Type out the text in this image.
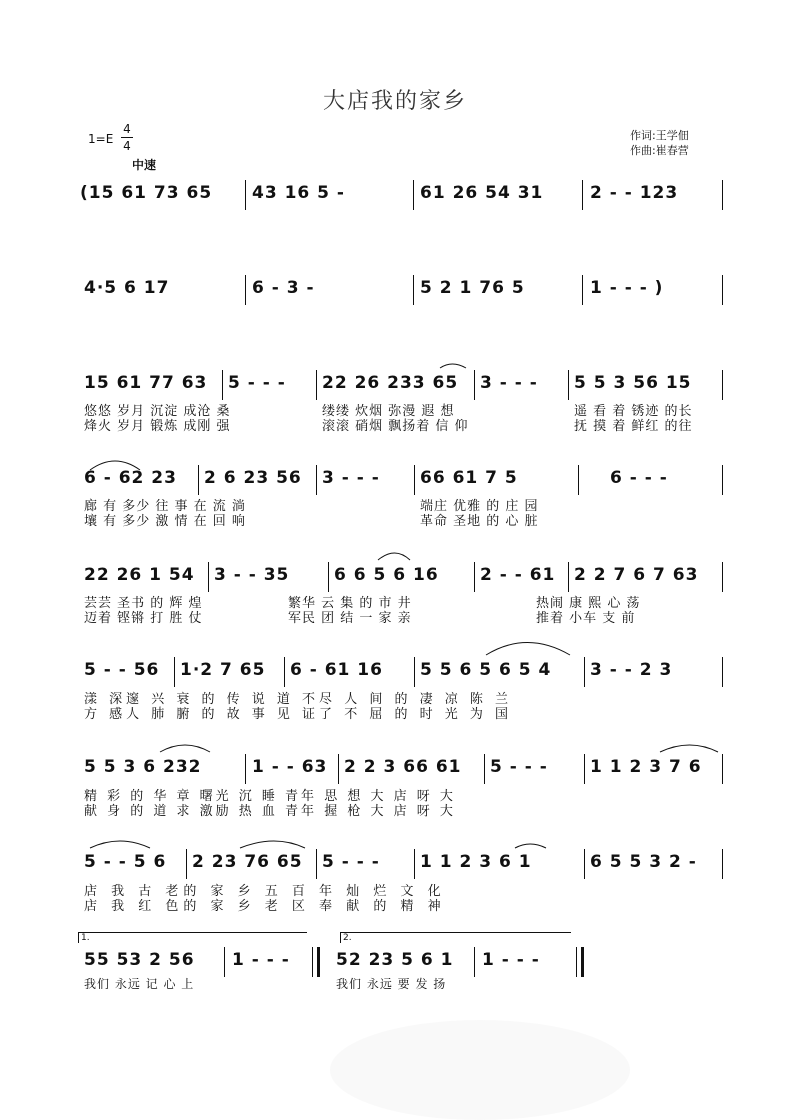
大店我的家乡
1=E
4
4
中速
作词:王学佃
作曲:崔春营
(15 61 73 65 43 16 5 -	61 26 54 31	2 - - 123
4·5 6 17	6 - 3 -	5 2 1 76 5	1 - - - )
15 61 77 63 5 - - - 22 26 233 65 3 - - - 5 5 3 56 15
悠悠 岁月 沉淀 成沧 桑	缕缕 炊烟 弥漫 遐 想	遥 看 着 锈迹 的长
烽火 岁月 锻炼 成刚 强	滚滚 硝烟 飘扬着 信 仰	抚 摸 着 鲜红 的往
6 - 62 23 2 6 23 56 3 - - - 66 61 7 5	6 - - -
廊 有 多少 往 事 在 流 淌	端庄 优雅 的 庄 园
壤 有 多少 激 情 在 回 响	革命 圣地 的 心 脏
22 26 1 54 3 - - 35	6 6 5 6 16 2 - - 61 2 2 7 6 7 63
芸芸 圣书 的 辉 煌	繁华 云 集 的 市 井	热闹 康 熙 心 荡
迈着 铿锵 打 胜 仗	军民 团 结 一 家 亲	推着 小车 支 前
5 - - 56 1·2 7 65 6 - 61 16 5 5 6 5 6 5 4 3 - - 2 3
漾 深邃 兴 衰 的 传 说 道 不尽 人 间 的 凄 凉 陈 兰
方 感人 肺 腑 的 故 事 见 证了 不 屈 的 时 光 为 国
5 5 3 6 232	1 - - 63 2 2 3 66 61 5 - - - 1 1 2 3 7 6
精 彩 的 华 章 曙光 沉 睡 青年 思 想 大 店 呀 大
献 身 的 道 求 激励 热 血 青年 握 枪 大 店 呀 大
5 - - 5 6 2 23 76 65 5 - - - 1 1 2 3 6 1	6 5 5 3 2 -
店 我 古 老的 家 乡 五 百 年 灿 烂 文 化
店 我 红 色的 家 乡 老 区 奉 献 的 精 神
1.	2.
55 53 2 56 1 - - -	52 23 5 6 1 1 - - -
我们 永远 记 心 上	我们 永远 要 发 扬
